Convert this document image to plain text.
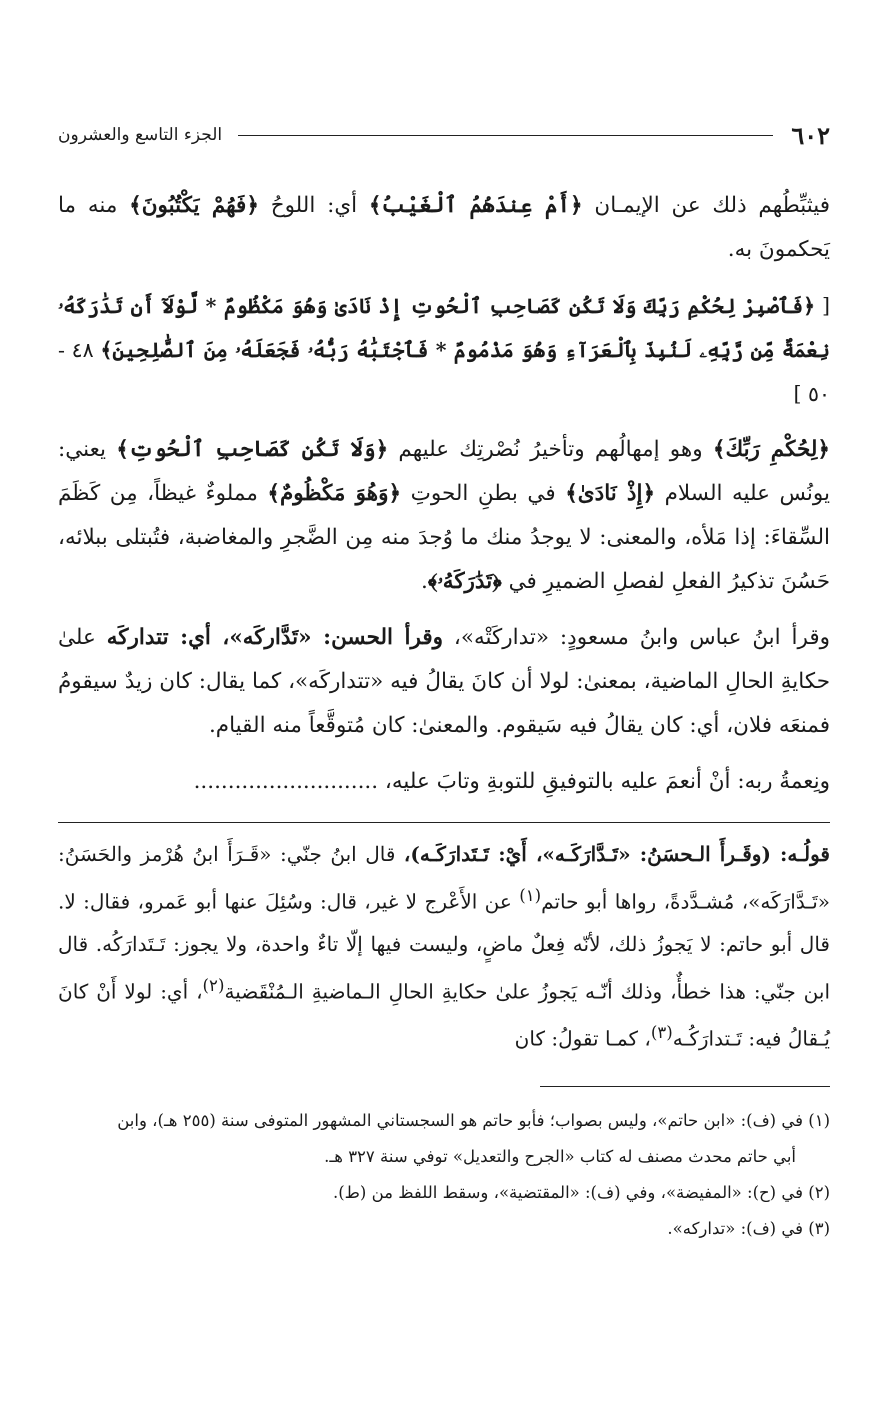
٦٠٢
الجزء التاسع والعشرون

فيثبِّطُهم ذلك عن الإيمـان ﴿أَمْ عِندَهُمُ ٱلْغَيْبُ﴾ أي: اللوحُ ﴿فَهُمْ يَكْتُبُونَ﴾ منه ما يَحكمونَ به.

[ ﴿فَٱصْبِرْ لِحُكْمِ رَبِّكَ وَلَا تَكُن كَصَاحِبِ ٱلْحُوتِ إِذْ نَادَىٰ وَهُوَ مَكْظُومٌ * لَّوْلَآ أَن تَدَٰرَكَهُۥ نِعْمَةٌ مِّن رَّبِّهِۦ لَنُبِذَ بِٱلْعَرَآءِ وَهُوَ مَذْمُومٌ * فَٱجْتَبَٰهُ رَبُّهُۥ فَجَعَلَهُۥ مِنَ ٱلصَّٰلِحِينَ﴾ ٤٨ - ٥٠ ]

﴿لِحُكْمِ رَبِّكَ﴾ وهو إمهالُهم وتأخيرُ نُصْرتِك عليهم ﴿وَلَا تَكُن كَصَاحِبِ ٱلْحُوتِ﴾ يعني: يونُس عليه السلام ﴿إِذْ نَادَىٰ﴾ في بطنِ الحوتِ ﴿وَهُوَ مَكْظُومٌ﴾ مملوءٌ غيظاً، مِن كَظَمَ السِّقاءَ: إذا مَلأه، والمعنى: لا يوجدُ منك ما وُجدَ منه مِن الضَّجرِ والمغاضبة، فتُبتلى ببلائه، حَسُنَ تذكيرُ الفعلِ لفصلِ الضميرِ في ﴿تَدَٰرَكَهُۥ﴾.

وقرأ ابنُ عباس وابنُ مسعودٍ: «تداركَتْه»، وقرأ الحسن: «تَدَّاركَه»، أي: تتداركَه علىٰ حكايةِ الحالِ الماضية، بمعنىٰ: لولا أن كانَ يقالُ فيه «تتداركَه»، كما يقال: كان زيدٌ سيقومُ فمنعَه فلان، أي: كان يقالُ فيه سَيقوم. والمعنىٰ: كان مُتوقَّعاً منه القيام.

ونِعمةُ ربه: أنْ أنعمَ عليه بالتوفيقِ للتوبةِ وتابَ عليه، ...........................

قولُـه: (وقَـرأَ الـحسَنُ: «تَـدَّارَكَـه»، أَيْ: تَـتَدارَكَـه)، قال ابنُ جنّي: «قَـرَأَ ابنُ هُرْمز والحَسَنُ: «تَـدَّارَكَه»، مُشـدَّدةً، رواها أبو حاتم$^{(١)}$ عن الأَعْرج لا غير، قال: وسُئِلَ عنها أبو عَمرو، فقال: لا. قال أبو حاتم: لا يَجوزُ ذلك، لأنّه فِعلٌ ماضٍ، وليست فيها إلّا تاءٌ واحدة، ولا يجوز: تَـتَدارَكُه. قال ابن جنّي: هذا خطأٌ، وذلك أنّـه يَجوزُ علىٰ حكايةِ الحالِ الـماضيةِ الـمُنْقَضية$^{(٢)}$، أي: لولا أَنْ كانَ يُـقالُ فيه: تَـتدارَكُـه$^{(٣)}$، كمـا تقولُ: كان

(١) في (ف): «ابن حاتم»، وليس بصواب؛ فأبو حاتم هو السجستاني المشهور المتوفى سنة (٢٥٥ هـ)، وابن

أبي حاتم محدث مصنف له كتاب «الجرح والتعديل» توفي سنة ٣٢٧ هـ.

(٢) في (ح): «المفيضة»، وفي (ف): «المقتضية»، وسقط اللفظ من (ط).

(٣) في (ف): «تداركه».
